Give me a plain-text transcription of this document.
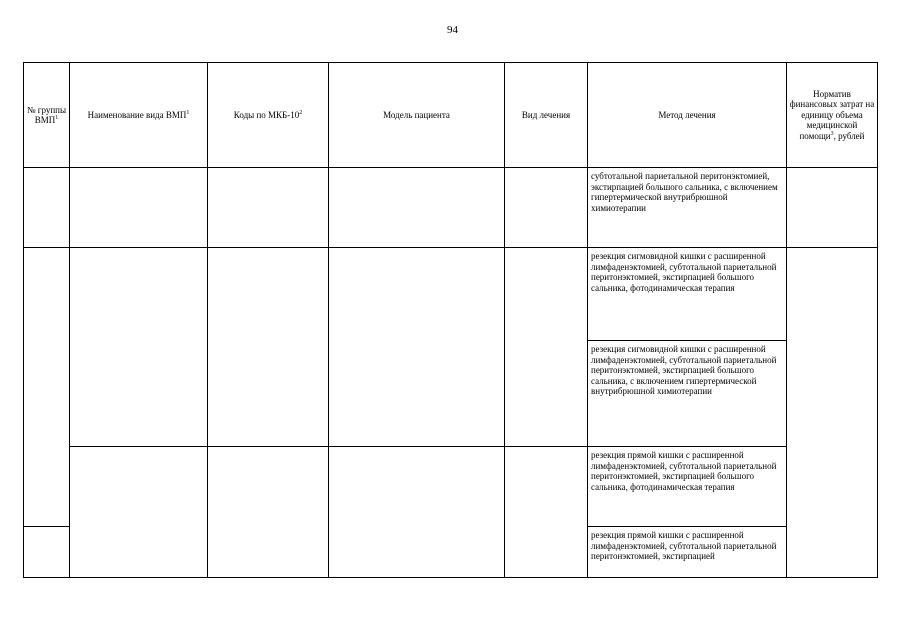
94
№ группы ВМП$^1$	Наименование вида ВМП$^1$	Коды по МКБ-$10^2$	Модель пациента	Вид лечения	Метод лечения	Норматив финансовых затрат на единицу объема медицинской помощи$^3$, рублей
					субтотальной париетальной перитонэктомией, экстирпацией большого сальника, с включением гипертермической внутрибрюшной химиотерапии	
					резекция сигмовидной кишки с расширенной лимфаденэктомией, субтотальной париетальной перитонэктомией, экстирпацией большого сальника, фотодинамическая терапия	
					резекция сигмовидной кишки с расширенной лимфаденэктомией, субтотальной париетальной перитонэктомией, экстирпацией большого сальника, с включением гипертермической внутрибрюшной химиотерапии	
					резекция прямой кишки с расширенной лимфаденэктомией, субтотальной париетальной перитонэктомией, экстирпацией большого сальника, фотодинамическая терапия	
					резекция прямой кишки с расширенной лимфаденэктомией, субтотальной париетальной перитонэктомией, экстирпацией	
